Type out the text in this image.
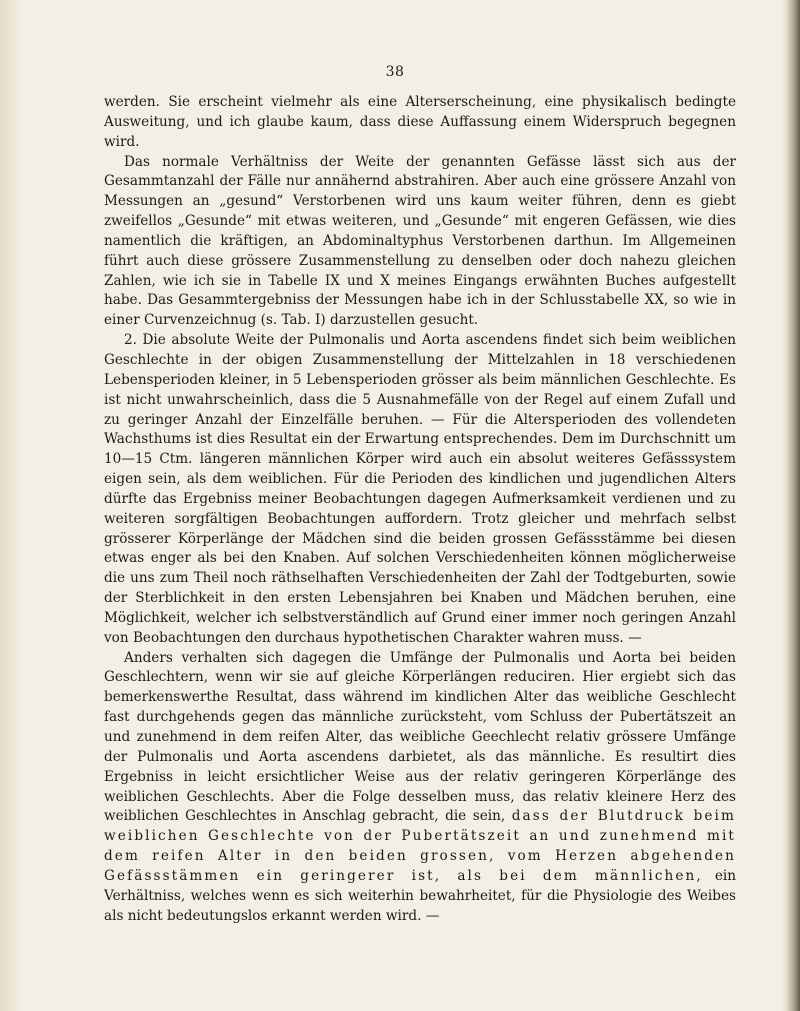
38

werden. Sie erscheint vielmehr als eine Alterserscheinung, eine physikalisch bedingte Ausweitung, und ich glaube kaum, dass diese Auffassung einem Widerspruch begegnen wird.

Das normale Verhältniss der Weite der genannten Gefässe lässt sich aus der Gesammtanzahl der Fälle nur annähernd abstrahiren. Aber auch eine grössere Anzahl von Messungen an „gesund“ Verstorbenen wird uns kaum weiter führen, denn es giebt zweifellos „Gesunde“ mit etwas weiteren, und „Gesunde“ mit engeren Gefässen, wie dies namentlich die kräftigen, an Abdominaltyphus Verstorbenen darthun. Im Allgemeinen führt auch diese grössere Zusammenstellung zu denselben oder doch nahezu gleichen Zahlen, wie ich sie in Tabelle IX und X meines Eingangs erwähnten Buches aufgestellt habe. Das Gesammtergebniss der Messungen habe ich in der Schlusstabelle XX, so wie in einer Curvenzeichnug (s. Tab. I) darzustellen gesucht.

2. Die absolute Weite der Pulmonalis und Aorta ascendens findet sich beim weiblichen Geschlechte in der obigen Zusammenstellung der Mittelzahlen in 18 verschiedenen Lebensperioden kleiner, in 5 Lebensperioden grösser als beim männlichen Geschlechte. Es ist nicht unwahrscheinlich, dass die 5 Ausnahmefälle von der Regel auf einem Zufall und zu geringer Anzahl der Einzelfälle beruhen. — Für die Altersperioden des vollendeten Wachsthums ist dies Resultat ein der Erwartung entsprechendes. Dem im Durchschnitt um 10—15 Ctm. längeren männlichen Körper wird auch ein absolut weiteres Gefässsystem eigen sein, als dem weiblichen. Für die Perioden des kindlichen und jugendlichen Alters dürfte das Ergebniss meiner Beobachtungen dagegen Aufmerksamkeit verdienen und zu weiteren sorgfältigen Beobachtungen auffordern. Trotz gleicher und mehrfach selbst grösserer Körperlänge der Mädchen sind die beiden grossen Gefässstämme bei diesen etwas enger als bei den Knaben. Auf solchen Verschiedenheiten können möglicherweise die uns zum Theil noch räthselhaften Verschiedenheiten der Zahl der Todtgeburten, sowie der Sterblichkeit in den ersten Lebensjahren bei Knaben und Mädchen beruhen, eine Möglichkeit, welcher ich selbstverständlich auf Grund einer immer noch geringen Anzahl von Beobachtungen den durchaus hypothetischen Charakter wahren muss. —

Anders verhalten sich dagegen die Umfänge der Pulmonalis und Aorta bei beiden Geschlechtern, wenn wir sie auf gleiche Körperlängen reduciren. Hier ergiebt sich das bemerkenswerthe Resultat, dass während im kindlichen Alter das weibliche Geschlecht fast durchgehends gegen das männliche zurücksteht, vom Schluss der Pubertätszeit an und zunehmend in dem reifen Alter, das weibliche Geechlecht relativ grössere Umfänge der Pulmonalis und Aorta ascendens darbietet, als das männliche. Es resultirt dies Ergebniss in leicht ersichtlicher Weise aus der relativ geringeren Körperlänge des weiblichen Geschlechts. Aber die Folge desselben muss, das relativ kleinere Herz des weiblichen Geschlechtes in Anschlag gebracht, die sein, dass der Blutdruck beim weiblichen Geschlechte von der Pubertätszeit an und zunehmend mit dem reifen Alter in den beiden grossen, vom Herzen abgehenden Gefässstämmen ein geringerer ist, als bei dem männlichen, ein Verhältniss, welches wenn es sich weiterhin bewahrheitet, für die Physiologie des Weibes als nicht bedeutungslos erkannt werden wird. —
